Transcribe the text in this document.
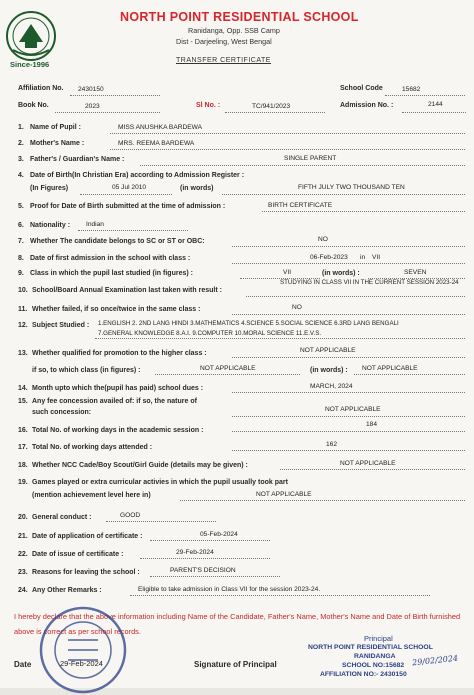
Since-1996
NORTH POINT RESIDENTIAL SCHOOL
Ranidanga, Opp. SSB Camp
Dist - Darjeeling, West Bengal
TRANSFER CERTIFICATE
Affiliation No. 2430150	School Code	15682
Book No.	2023	Sl No. :	TC/941/2023	Admission No. :	2144
1. Name of Pupil :	MISS ANUSHKA BARDEWA
2. Mother's Name :	MRS. REEMA BARDEWA
3. Father's / Guardian's Name :	SINGLE PARENT
4. Date of Birth(In Christian Era) according to Admission Register :
(In Figures)	05 Jul 2010	(in words)	FIFTH JULY TWO THOUSAND TEN
5. Proof for Date of Birth submitted at the time of admission :	BIRTH CERTIFICATE
6. Nationality : Indian
7. Whether The candidate belongs to SC or ST or OBC:	NO
8. Date of first admission in the school with class :	06-Feb-2023 in VII
9. Class in which the pupil last studied (in figures) :	VII	(in words) :	SEVEN
10. School/Board Annual Examination last taken with result :
STUDYING IN CLASS VII IN THE CURRENT SESSION 2023-24
11. Whether failed, if so once/twice in the same class :	NO
12. Subject Studied : 1.ENGLISH 2. 2ND LANG HINDI 3.MATHEMATICS 4.SCIENCE 5.SOCIAL SCIENCE 6.3RD LANG BENGALI
7.GENERAL KNOWLEDGE 8.A.I. 9.COMPUTER 10.MORAL SCIENCE 11.E.V.S.
13. Whether qualified for promotion to the higher class :	NOT APPLICABLE
if so, to which class (in figures) :	NOT APPLICABLE	(in words) : NOT APPLICABLE
14. Month upto which the(pupil has paid) school dues :	MARCH, 2024
15. Any fee concession availed of: if so, the nature of
such concession:	NOT APPLICABLE
16. Total No. of working days in the academic session :
184
17. Total No. of working days attended :	162
18. Whether NCC Cade/Boy Scout/Girl Guide (details may be given) :	NOT APPLICABLE
19. Games played or extra curricular activies in which the pupil usually took part
(mention achievement level here in)	NOT APPLICABLE
20. General conduct :	GOOD
21. Date of application of certificate :	05-Feb-2024
22. Date of issue of certificate :	29-Feb-2024
23. Reasons for leaving the school :	PARENT'S DECISION
24. Any Other Remarks :	Eligible to take admission in Class VII for the session 2023-24.
I hereby declare that the above information including Name of the Candidate, Father's Name, Mother's Name and Date of Birth furnished above is correct as per school records.
Date	29-Feb-2024	Signature of Principal
Principal
NORTH POINT RESIDENTIAL SCHOOL
RANIDANGA
SCHOOL NO:15682
AFFILIATION NO:- 2430150
29/02/2024
